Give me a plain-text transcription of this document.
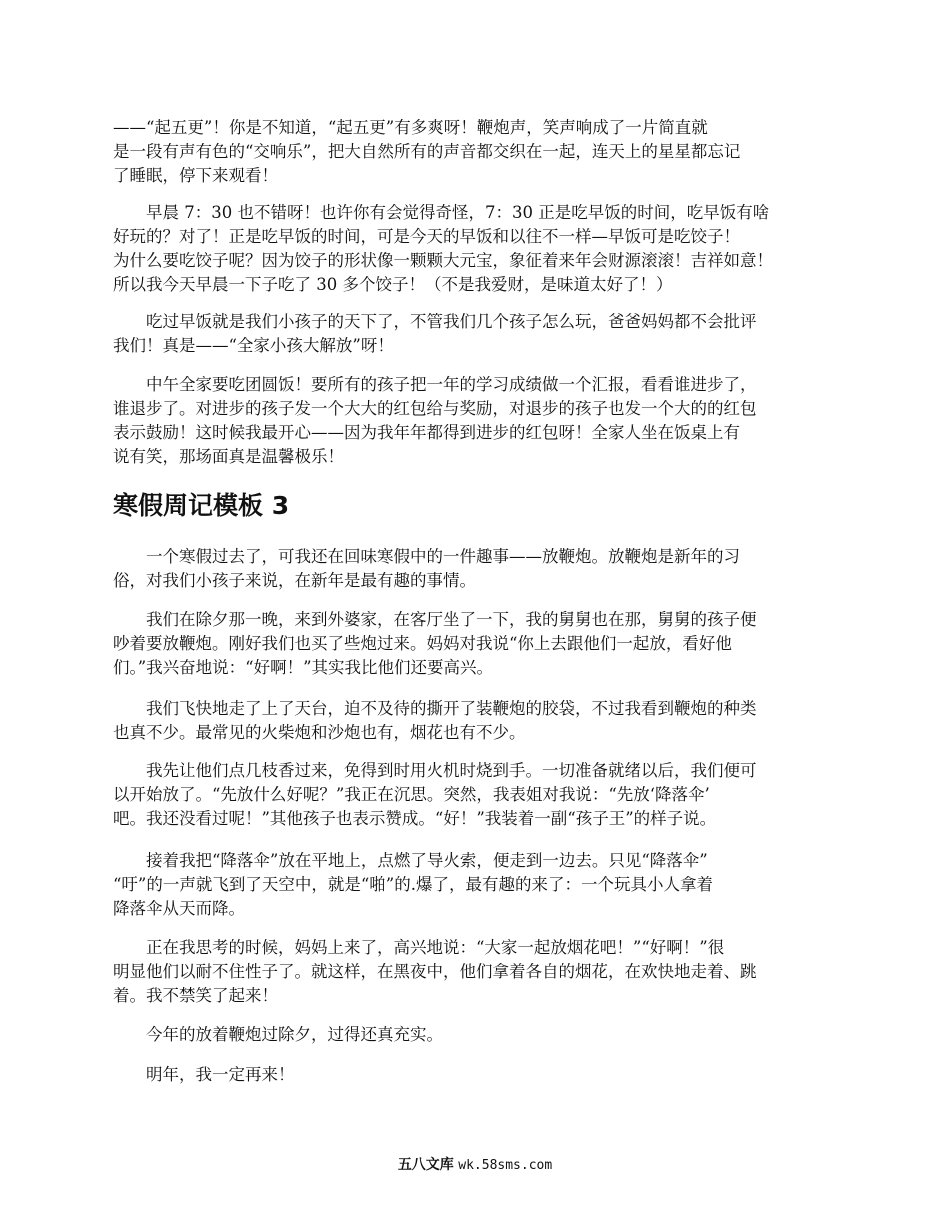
——“起五更”！你是不知道，“起五更”有多爽呀！鞭炮声，笑声响成了一片简直就
是一段有声有色的“交响乐”，把大自然所有的声音都交织在一起，连天上的星星都忘记
了睡眠，停下来观看！

　　早晨 7：30 也不错呀！也许你有会觉得奇怪，7：30 正是吃早饭的时间，吃早饭有啥
好玩的？对了！正是吃早饭的时间，可是今天的早饭和以往不一样—早饭可是吃饺子！
为什么要吃饺子呢？因为饺子的形状像一颗颗大元宝，象征着来年会财源滚滚！吉祥如意！
所以我今天早晨一下子吃了 30 多个饺子！（不是我爱财，是味道太好了！）

　　吃过早饭就是我们小孩子的天下了，不管我们几个孩子怎么玩，爸爸妈妈都不会批评
我们！真是——“全家小孩大解放”呀！

　　中午全家要吃团圆饭！要所有的孩子把一年的学习成绩做一个汇报，看看谁进步了，
谁退步了。对进步的孩子发一个大大的红包给与奖励，对退步的孩子也发一个大的的红包
表示鼓励！这时候我最开心——因为我年年都得到进步的红包呀！全家人坐在饭桌上有
说有笑，那场面真是温馨极乐！

寒假周记模板 3

　　一个寒假过去了，可我还在回味寒假中的一件趣事——放鞭炮。放鞭炮是新年的习
俗，对我们小孩子来说，在新年是最有趣的事情。

　　我们在除夕那一晚，来到外婆家，在客厅坐了一下，我的舅舅也在那，舅舅的孩子便
吵着要放鞭炮。刚好我们也买了些炮过来。妈妈对我说“你上去跟他们一起放，看好他
们。”我兴奋地说：“好啊！”其实我比他们还要高兴。

　　我们飞快地走了上了天台，迫不及待的撕开了装鞭炮的胶袋，不过我看到鞭炮的种类
也真不少。最常见的火柴炮和沙炮也有，烟花也有不少。

　　我先让他们点几枝香过来，免得到时用火机时烧到手。一切准备就绪以后，我们便可
以开始放了。“先放什么好呢？”我正在沉思。突然，我表姐对我说：“先放‘降落伞’
吧。我还没看过呢！”其他孩子也表示赞成。“好！”我装着一副“孩子王”的样子说。

　　接着我把“降落伞”放在平地上，点燃了导火索，便走到一边去。只见“降落伞”
“吁”的一声就飞到了天空中，就是“啪”的.爆了，最有趣的来了：一个玩具小人拿着
降落伞从天而降。

　　正在我思考的时候，妈妈上来了，高兴地说：“大家一起放烟花吧！”“好啊！”很
明显他们以耐不住性子了。就这样，在黑夜中，他们拿着各自的烟花，在欢快地走着、跳
着。我不禁笑了起来！

　　今年的放着鞭炮过除夕，过得还真充实。

　　明年，我一定再来！

五八文库 wk.58sms.com
